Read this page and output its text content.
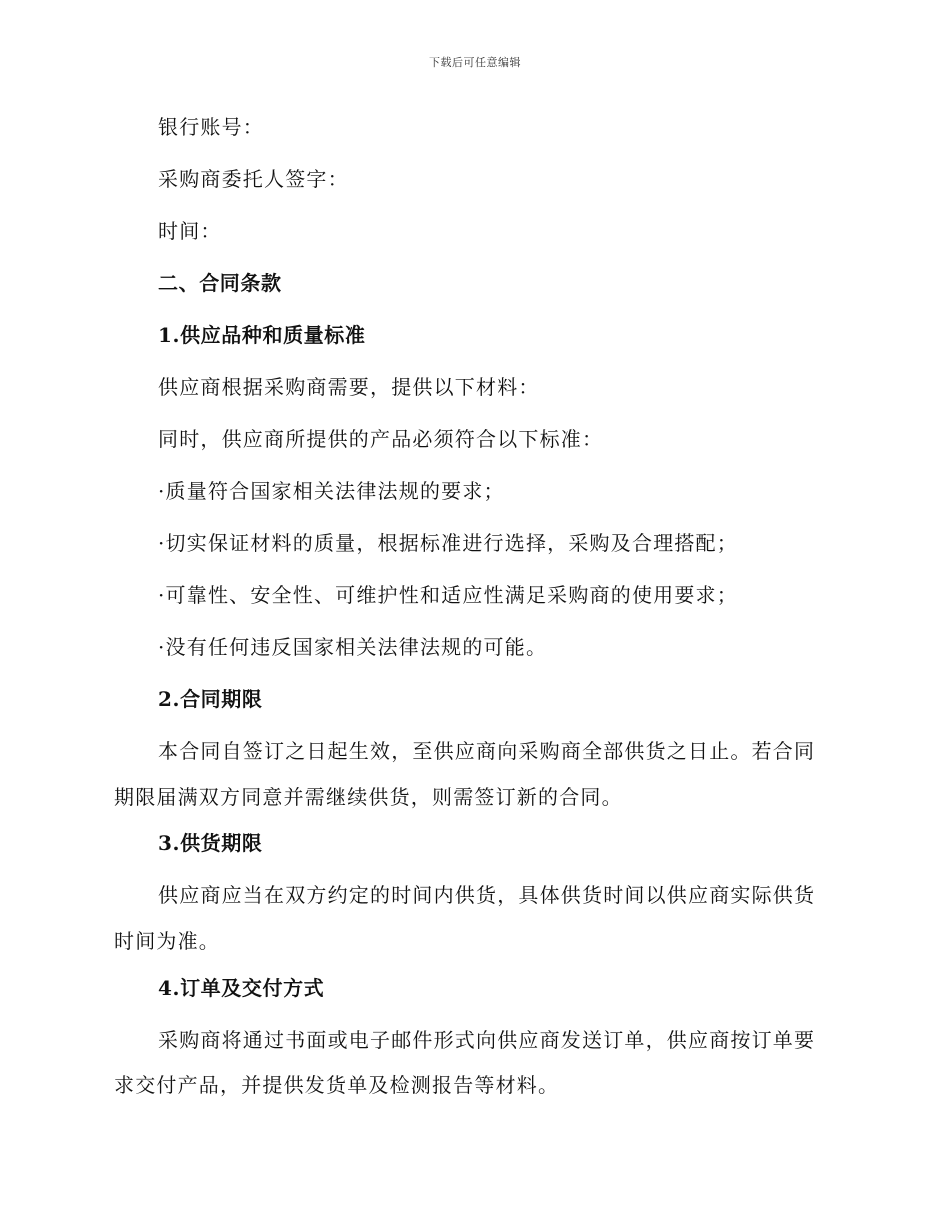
下载后可任意编辑
银行账号：
采购商委托人签字：
时间：
二、合同条款
1.供应品种和质量标准
供应商根据采购商需要，提供以下材料：
同时，供应商所提供的产品必须符合以下标准：
·质量符合国家相关法律法规的要求；
·切实保证材料的质量，根据标准进行选择，采购及合理搭配；
·可靠性、安全性、可维护性和适应性满足采购商的使用要求；
·没有任何违反国家相关法律法规的可能。
2.合同期限
本合同自签订之日起生效，至供应商向采购商全部供货之日止。若合同
期限届满双方同意并需继续供货，则需签订新的合同。
3.供货期限
供应商应当在双方约定的时间内供货，具体供货时间以供应商实际供货
时间为准。
4.订单及交付方式
采购商将通过书面或电子邮件形式向供应商发送订单，供应商按订单要
求交付产品，并提供发货单及检测报告等材料。
